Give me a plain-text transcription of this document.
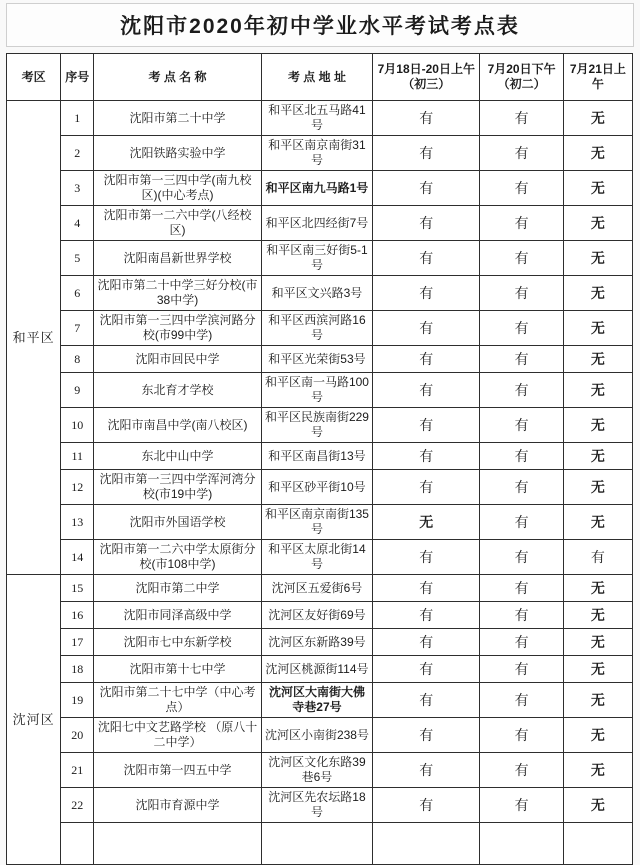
沈阳市2020年初中学业水平考试考点表
考区	序号	考 点 名 称	考 点 地 址	7月18日-20日上午 （初三）	7月20日下午 （初二）	7月21日上午
和平区	1	沈阳市第二十中学	和平区北五马路41号	有	有	无
	2	沈阳铁路实验中学	和平区南京南街31号	有	有	无
	3	沈阳市第一三四中学(南九校区)(中心考点)	和平区南九马路1号	有	有	无
	4	沈阳市第一二六中学(八经校区)	和平区北四经街7号	有	有	无
	5	沈阳南昌新世界学校	和平区南三好街5-1号	有	有	无
	6	沈阳市第二十中学三好分校(市38中学)	和平区文兴路3号	有	有	无
	7	沈阳市第一三四中学滨河路分校(市99中学)	和平区西滨河路16号	有	有	无
	8	沈阳市回民中学	和平区光荣街53号	有	有	无
	9	东北育才学校	和平区南一马路100号	有	有	无
	10	沈阳市南昌中学(南八校区)	和平区民族南街229号	有	有	无
	11	东北中山中学	和平区南昌街13号	有	有	无
	12	沈阳市第一三四中学浑河湾分校(市19中学)	和平区砂平街10号	有	有	无
	13	沈阳市外国语学校	和平区南京南街135号	无	有	无
	14	沈阳市第一二六中学太原街分校(市108中学)	和平区太原北街14号	有	有	有
沈河区	15	沈阳市第二中学	沈河区五爱街6号	有	有	无
	16	沈阳市同泽高级中学	沈河区友好街69号	有	有	无
	17	沈阳市七中东新学校	沈河区东新路39号	有	有	无
	18	沈阳市第十七中学	沈河区桃源街114号	有	有	无
	19	沈阳市第二十七中学（中心考点）	沈河区大南街大佛寺巷27号	有	有	无
	20	沈阳七中文艺路学校 （原八十二中学）	沈河区小南街238号	有	有	无
	21	沈阳市第一四五中学	沈河区文化东路39巷6号	有	有	无
	22	沈阳市育源中学	沈河区先农坛路18号	有	有	无
